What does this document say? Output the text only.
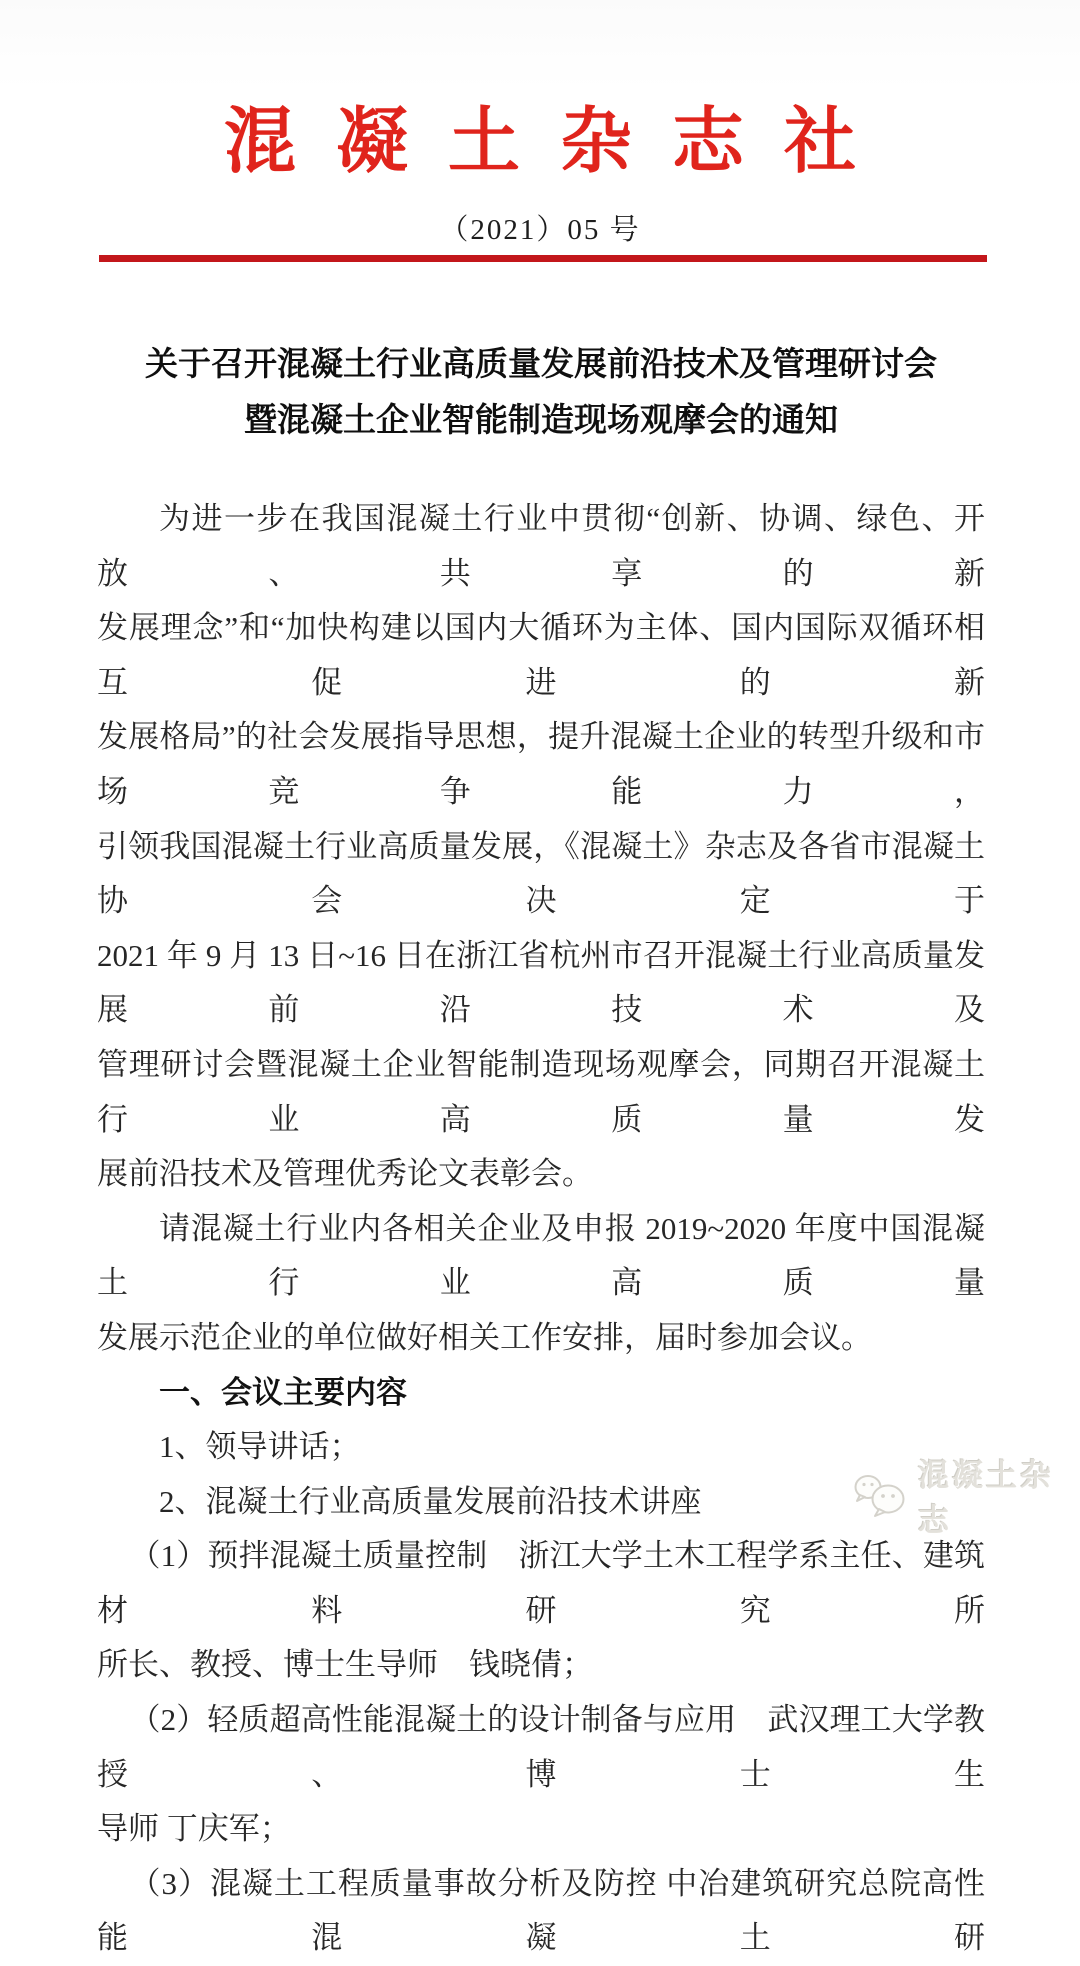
混凝土杂志社
（2021）05 号
关于召开混凝土行业高质量发展前沿技术及管理研讨会
暨混凝土企业智能制造现场观摩会的通知
为进一步在我国混凝土行业中贯彻“创新、协调、绿色、开放、共享的新
发展理念”和“加快构建以国内大循环为主体、国内国际双循环相互促进的新
发展格局”的社会发展指导思想，提升混凝土企业的转型升级和市场竞争能力，
引领我国混凝土行业高质量发展，《混凝土》杂志及各省市混凝土协会决定于
2021 年 9 月 13 日~16 日在浙江省杭州市召开混凝土行业高质量发展前沿技术及
管理研讨会暨混凝土企业智能制造现场观摩会，同期召开混凝土行业高质量发
展前沿技术及管理优秀论文表彰会。
请混凝土行业内各相关企业及申报 2019~2020 年度中国混凝土行业高质量
发展示范企业的单位做好相关工作安排，届时参加会议。
一、会议主要内容
1、领导讲话；
2、混凝土行业高质量发展前沿技术讲座
（1）预拌混凝土质量控制　浙江大学土木工程学系主任、建筑材料研究所
所长、教授、博士生导师　钱晓倩；
（2）轻质超高性能混凝土的设计制备与应用　武汉理工大学教授、博士生
导师 丁庆军；
（3）混凝土工程质量事故分析及防控 中冶建筑研究总院高性能混凝土研
混凝土杂志
